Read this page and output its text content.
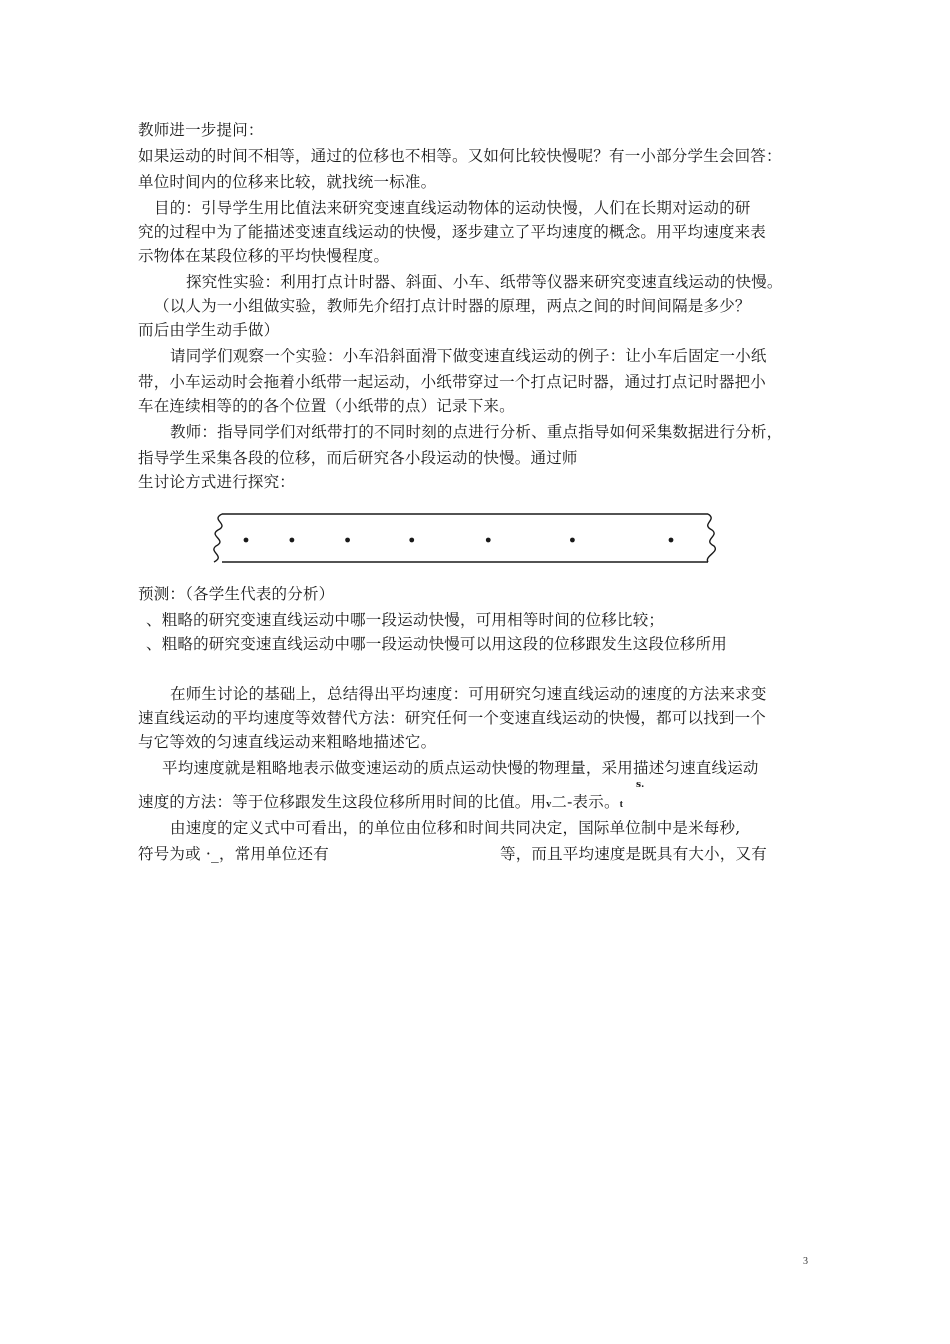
教师进一步提问：
如果运动的时间不相等，通过的位移也不相等。又如何比较快慢呢？有一小部分学生会回答：
单位时间内的位移来比较，就找统一标准。
目的：引导学生用比值法来研究变速直线运动物体的运动快慢，人们在长期对运动的研
究的过程中为了能描述变速直线运动的快慢，逐步建立了平均速度的概念。用平均速度来表
示物体在某段位移的平均快慢程度。
探究性实验：利用打点计时器、斜面、小车、纸带等仪器来研究变速直线运动的快慢。
（以人为一小组做实验，教师先介绍打点计时器的原理，两点之间的时间间隔是多少？
而后由学生动手做）
请同学们观察一个实验：小车沿斜面滑下做变速直线运动的例子：让小车后固定一小纸
带，小车运动时会拖着小纸带一起运动，小纸带穿过一个打点记时器，通过打点记时器把小
车在连续相等的的各个位置（小纸带的点）记录下来。
教师：指导同学们对纸带打的不同时刻的点进行分析、重点指导如何采集数据进行分析，
指导学生采集各段的位移，而后研究各小段运动的快慢。通过师
生讨论方式进行探究：
预测：（各学生代表的分析）
、粗略的研究变速直线运动中哪一段运动快慢，可用相等时间的位移比较；
、粗略的研究变速直线运动中哪一段运动快慢可以用这段的位移跟发生这段位移所用
在师生讨论的基础上，总结得出平均速度：可用研究匀速直线运动的速度的方法来求变
速直线运动的平均速度等效替代方法：研究任何一个变速直线运动的快慢，都可以找到一个
与它等效的匀速直线运动来粗略地描述它。
平均速度就是粗略地表示做变速运动的质点运动快慢的物理量，采用描述匀速直线运动
速度的方法：等于位移跟发生这段位移所用时间的比值。用v二-表示。t
s.
由速度的定义式中可看出，的单位由位移和时间共同决定，国际单位制中是米每秒,
符号为或 ·_，常用单位还有	等，而且平均速度是既具有大小，又有
3
